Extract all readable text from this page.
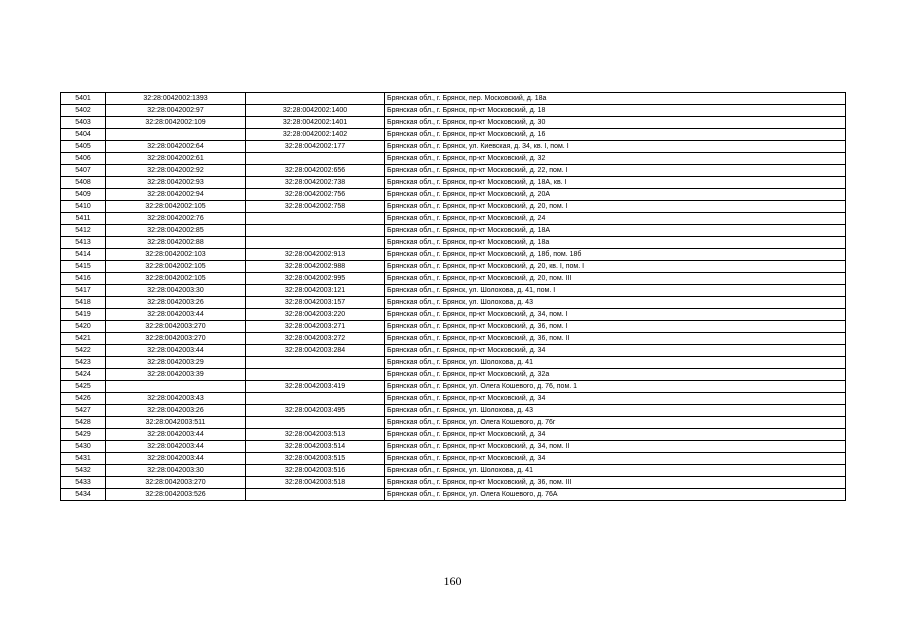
5401	32:28:0042002:1393		Брянская обл., г. Брянск, пер. Московский, д. 18а
5402	32:28:0042002:97	32:28:0042002:1400	Брянская обл., г. Брянск, пр-кт Московский, д. 18
5403	32:28:0042002:109	32:28:0042002:1401	Брянская обл., г. Брянск, пр-кт Московский, д. 30
5404		32:28:0042002:1402	Брянская обл., г. Брянск, пр-кт Московский, д. 16
5405	32:28:0042002:64	32:28:0042002:177	Брянская обл., г. Брянск, ул. Киевская, д. 34, кв. I, пом. I
5406	32:28:0042002:61		Брянская обл., г. Брянск, пр-кт Московский, д. 32
5407	32:28:0042002:92	32:28:0042002:656	Брянская обл., г. Брянск, пр-кт Московский, д. 22, пом. I
5408	32:28:0042002:93	32:28:0042002:738	Брянская обл., г. Брянск, пр-кт Московский, д. 18А, кв. I
5409	32:28:0042002:94	32:28:0042002:756	Брянская обл., г. Брянск, пр-кт Московский, д. 20А
5410	32:28:0042002:105	32:28:0042002:758	Брянская обл., г. Брянск, пр-кт Московский, д. 20, пом. I
5411	32:28:0042002:76		Брянская обл., г. Брянск, пр-кт Московский, д. 24
5412	32:28:0042002:85		Брянская обл., г. Брянск, пр-кт Московский, д. 18А
5413	32:28:0042002:88		Брянская обл., г. Брянск, пр-кт Московский, д. 18а
5414	32:28:0042002:103	32:28:0042002:913	Брянская обл., г. Брянск, пр-кт Московский, д. 18б, пом. 18б
5415	32:28:0042002:105	32:28:0042002:988	Брянская обл., г. Брянск, пр-кт Московский, д. 20, кв. I, пом. I
5416	32:28:0042002:105	32:28:0042002:995	Брянская обл., г. Брянск, пр-кт Московский, д. 20, пом. III
5417	32:28:0042003:30	32:28:0042003:121	Брянская обл., г. Брянск, ул. Шолохова, д. 41, пом. I
5418	32:28:0042003:26	32:28:0042003:157	Брянская обл., г. Брянск, ул. Шолохова, д. 43
5419	32:28:0042003:44	32:28:0042003:220	Брянская обл., г. Брянск, пр-кт Московский, д. 34, пом. I
5420	32:28:0042003:270	32:28:0042003:271	Брянская обл., г. Брянск, пр-кт Московский, д. 36, пом. I
5421	32:28:0042003:270	32:28:0042003:272	Брянская обл., г. Брянск, пр-кт Московский, д. 36, пом. II
5422	32:28:0042003:44	32:28:0042003:284	Брянская обл., г. Брянск, пр-кт Московский, д. 34
5423	32:28:0042003:29		Брянская обл., г. Брянск, ул. Шолохова, д. 41
5424	32:28:0042003:39		Брянская обл., г. Брянск, пр-кт Московский, д. 32а
5425		32:28:0042003:419	Брянская обл., г. Брянск, ул. Олега Кошевого, д. 76, пом. 1
5426	32:28:0042003:43		Брянская обл., г. Брянск, пр-кт Московский, д. 34
5427	32:28:0042003:26	32:28:0042003:495	Брянская обл., г. Брянск, ул. Шолохова, д. 43
5428	32:28:0042003:511		Брянская обл., г. Брянск, ул. Олега Кошевого, д. 76г
5429	32:28:0042003:44	32:28:0042003:513	Брянская обл., г. Брянск, пр-кт Московский, д. 34
5430	32:28:0042003:44	32:28:0042003:514	Брянская обл., г. Брянск, пр-кт Московский, д. 34, пом. II
5431	32:28:0042003:44	32:28:0042003:515	Брянская обл., г. Брянск, пр-кт Московский, д. 34
5432	32:28:0042003:30	32:28:0042003:516	Брянская обл., г. Брянск, ул. Шолохова, д. 41
5433	32:28:0042003:270	32:28:0042003:518	Брянская обл., г. Брянск, пр-кт Московский, д. 36, пом. III
5434	32:28:0042003:526		Брянская обл., г. Брянск, ул. Олега Кошевого, д. 76А
160
